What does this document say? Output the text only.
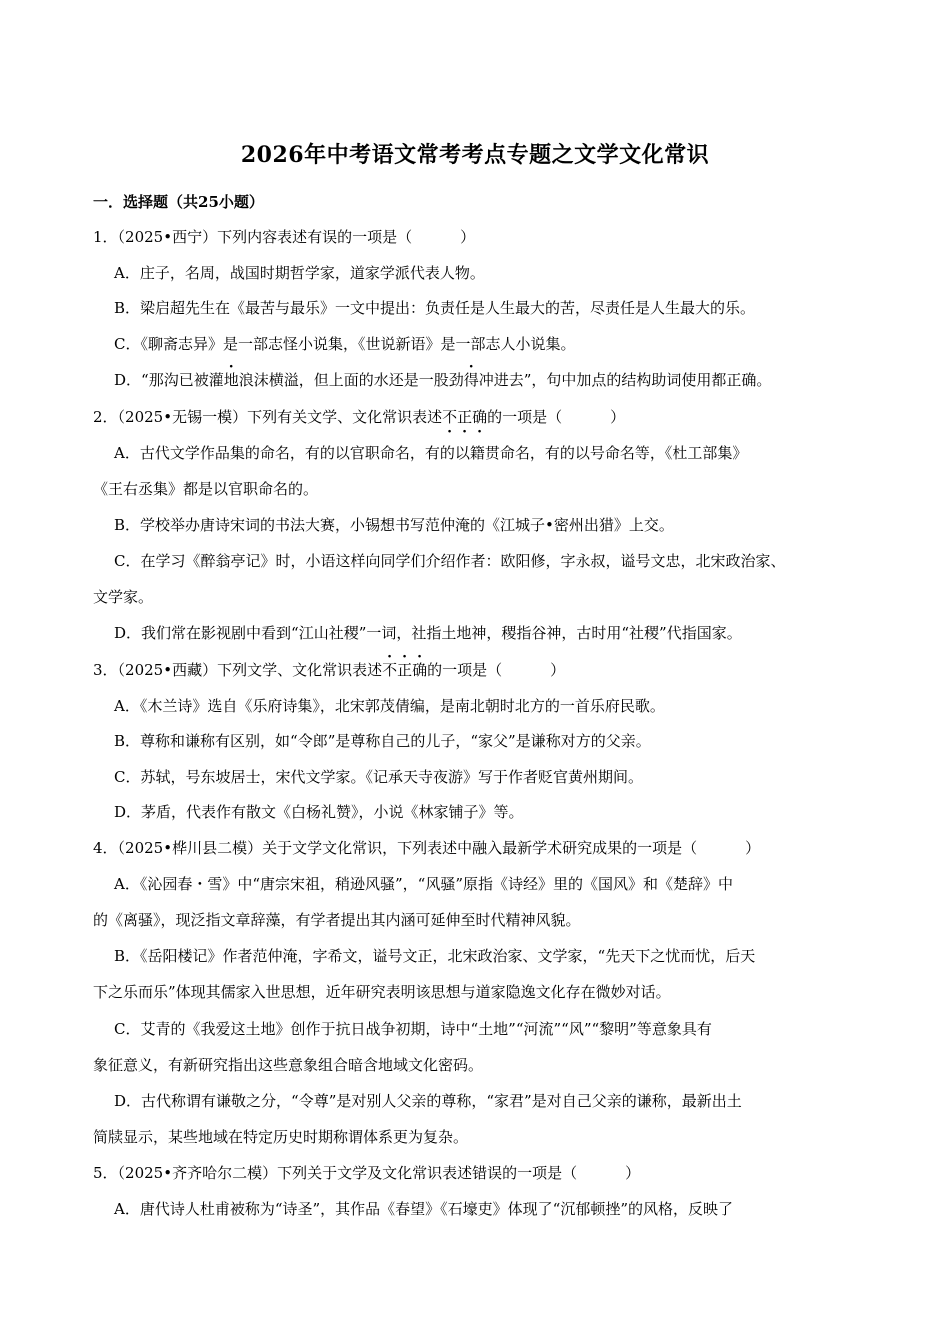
2026年中考语文常考考点专题之文学文化常识
一．选择题（共25小题）
1．（2025•西宁）下列内容表述有误的一项是（	）
A．庄子，名周，战国时期哲学家，道家学派代表人物。
B．梁启超先生在《最苦与最乐》一文中提出：负责任是人生最大的苦，尽责任是人生最大的乐。
C．《聊斋志异》是一部志怪小说集，《世说新语》是一部志人小说集。
D．“那沟已被灌地浪沫横溢，但上面的水还是一股劲得冲进去”，句中加点的结构助词使用都正确。
2．（2025•无锡一模）下列有关文学、文化常识表述不正确的一项是（	）
A．古代文学作品集的命名，有的以官职命名，有的以籍贯命名，有的以号命名等，《杜工部集》
《王右丞集》都是以官职命名的。
B．学校举办唐诗宋词的书法大赛，小锡想书写范仲淹的《江城子•密州出猎》上交。
C．在学习《醉翁亭记》时，小语这样向同学们介绍作者：欧阳修，字永叔，谥号文忠，北宋政治家、
文学家。
D．我们常在影视剧中看到“江山社稷”一词，社指土地神，稷指谷神，古时用“社稷”代指国家。
3．（2025•西藏）下列文学、文化常识表述不正确的一项是（	）
A．《木兰诗》选自《乐府诗集》，北宋郭茂倩编，是南北朝时北方的一首乐府民歌。
B．尊称和谦称有区别，如“令郎”是尊称自己的儿子，“家父”是谦称对方的父亲。
C．苏轼，号东坡居士，宋代文学家。《记承天寺夜游》写于作者贬官黄州期间。
D．茅盾，代表作有散文《白杨礼赞》，小说《林家铺子》等。
4．（2025•桦川县二模）关于文学文化常识，下列表述中融入最新学术研究成果的一项是（	）
A．《沁园春・雪》中“唐宗宋祖，稍逊风骚”，“风骚”原指《诗经》里的《国风》和《楚辞》中
的《离骚》，现泛指文章辞藻，有学者提出其内涵可延伸至时代精神风貌。
B．《岳阳楼记》作者范仲淹，字希文，谥号文正，北宋政治家、文学家，“先天下之忧而忧，后天
下之乐而乐”体现其儒家入世思想，近年研究表明该思想与道家隐逸文化存在微妙对话。
C．艾青的《我爱这土地》创作于抗日战争初期，诗中“土地”“河流”“风”“黎明”等意象具有
象征意义，有新研究指出这些意象组合暗含地域文化密码。
D．古代称谓有谦敬之分，“令尊”是对别人父亲的尊称，“家君”是对自己父亲的谦称，最新出土
简牍显示，某些地域在特定历史时期称谓体系更为复杂。
5．（2025•齐齐哈尔二模）下列关于文学及文化常识表述错误的一项是（	）
A．唐代诗人杜甫被称为“诗圣”，其作品《春望》《石壕吏》体现了“沉郁顿挫”的风格，反映了
